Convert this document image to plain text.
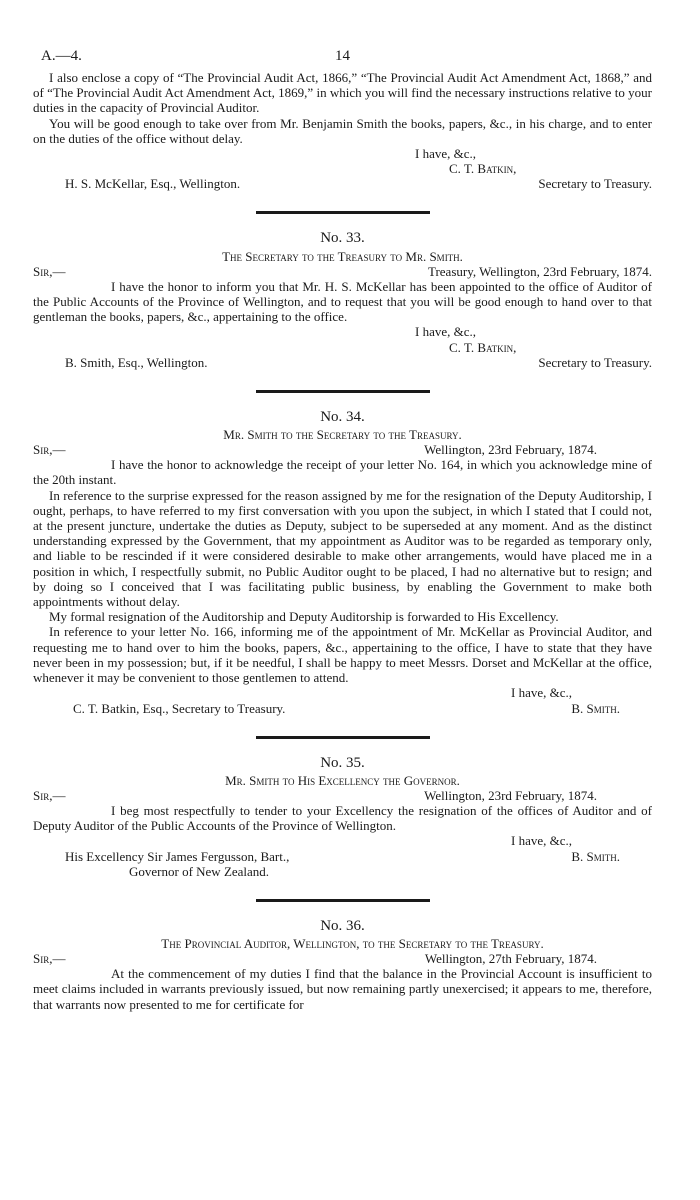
A.—4.	14

I also enclose a copy of “The Provincial Audit Act, 1866,” “The Provincial Audit Act Amendment Act, 1868,” and of “The Provincial Audit Act Amendment Act, 1869,” in which you will find the necessary instructions relative to your duties in the capacity of Provincial Auditor.

You will be good enough to take over from Mr. Benjamin Smith the books, papers, &c., in his charge, and to enter on the duties of the office without delay.

I have, &c.,

C. T. Batkin,

H. S. McKellar, Esq., Wellington.	Secretary to Treasury.
No. 33.
The Secretary to the Treasury to Mr. Smith.
Sir,—	Treasury, Wellington, 23rd February, 1874.

I have the honor to inform you that Mr. H. S. McKellar has been appointed to the office of Auditor of the Public Accounts of the Province of Wellington, and to request that you will be good enough to hand over to that gentleman the books, papers, &c., appertaining to the office.

I have, &c.,

C. T. Batkin,

B. Smith, Esq., Wellington.	Secretary to Treasury.
No. 34.
Mr. Smith to the Secretary to the Treasury.
Sir,—	Wellington, 23rd February, 1874.

I have the honor to acknowledge the receipt of your letter No. 164, in which you acknowledge mine of the 20th instant.

In reference to the surprise expressed for the reason assigned by me for the resignation of the Deputy Auditorship, I ought, perhaps, to have referred to my first conversation with you upon the subject, in which I stated that I could not, at the present juncture, undertake the duties as Deputy, subject to be superseded at any moment. And as the distinct understanding expressed by the Government, that my appointment as Auditor was to be regarded as temporary only, and liable to be rescinded if it were considered desirable to make other arrangements, would have placed me in a position in which, I respectfully submit, no Public Auditor ought to be placed, I had no alternative but to resign; and by doing so I conceived that I was facilitating public business, by enabling the Government to make both appointments without delay.

My formal resignation of the Auditorship and Deputy Auditorship is forwarded to His Excellency.

In reference to your letter No. 166, informing me of the appointment of Mr. McKellar as Provincial Auditor, and requesting me to hand over to him the books, papers, &c., appertaining to the office, I have to state that they have never been in my possession; but, if it be needful, I shall be happy to meet Messrs. Dorset and McKellar at the office, whenever it may be convenient to those gentlemen to attend.

I have, &c.,

C. T. Batkin, Esq., Secretary to Treasury.	B. Smith.
No. 35.
Mr. Smith to His Excellency the Governor.
Sir,—	Wellington, 23rd February, 1874.

I beg most respectfully to tender to your Excellency the resignation of the offices of Auditor and of Deputy Auditor of the Public Accounts of the Province of Wellington.

I have, &c.,

His Excellency Sir James Fergusson, Bart.,	B. Smith.

Governor of New Zealand.

No. 36.
The Provincial Auditor, Wellington, to the Secretary to the Treasury.
Sir,—	Wellington, 27th February, 1874.

At the commencement of my duties I find that the balance in the Provincial Account is insufficient to meet claims included in warrants previously issued, but now remaining partly unexercised; it appears to me, therefore, that warrants now presented to me for certificate for
